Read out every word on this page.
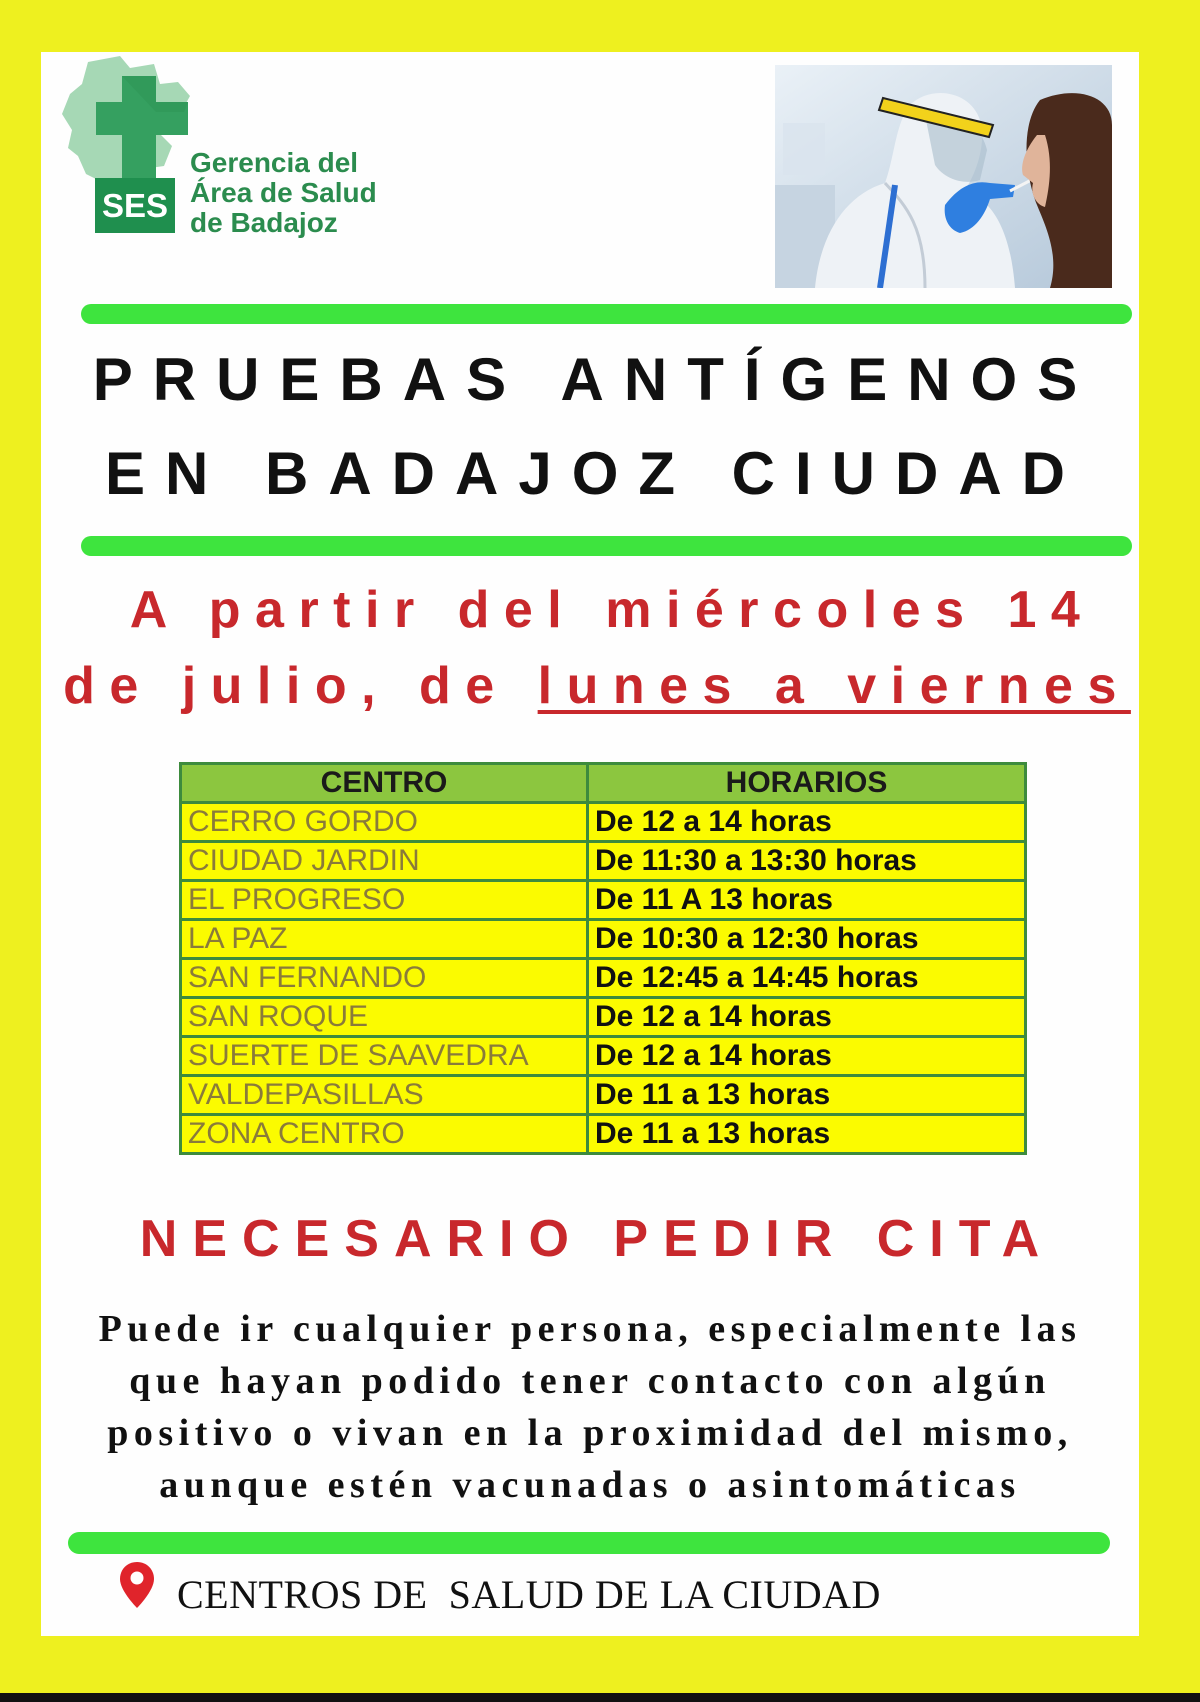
SES
Gerencia del
Área de Salud
de Badajoz
PRUEBAS ANTÍGENOS
EN BADAJOZ CIUDAD
A partir del miércoles 14
de julio, de lunes a viernes
CENTRO	HORARIOS
CERRO GORDO	De 12 a 14 horas
CIUDAD JARDIN	De 11:30 a 13:30 horas
EL PROGRESO	De 11 A 13 horas
LA PAZ	De 10:30 a 12:30 horas
SAN FERNANDO	De 12:45 a 14:45 horas
SAN ROQUE	De 12 a 14 horas
SUERTE DE SAAVEDRA	De 12 a 14 horas
VALDEPASILLAS	De 11 a 13 horas
ZONA CENTRO	De 11 a 13 horas
NECESARIO PEDIR CITA
Puede ir cualquier persona, especialmente las
que hayan podido tener contacto con algún
positivo o vivan en la proximidad del mismo,
aunque estén vacunadas o asintomáticas
CENTROS DE  SALUD DE LA CIUDAD
